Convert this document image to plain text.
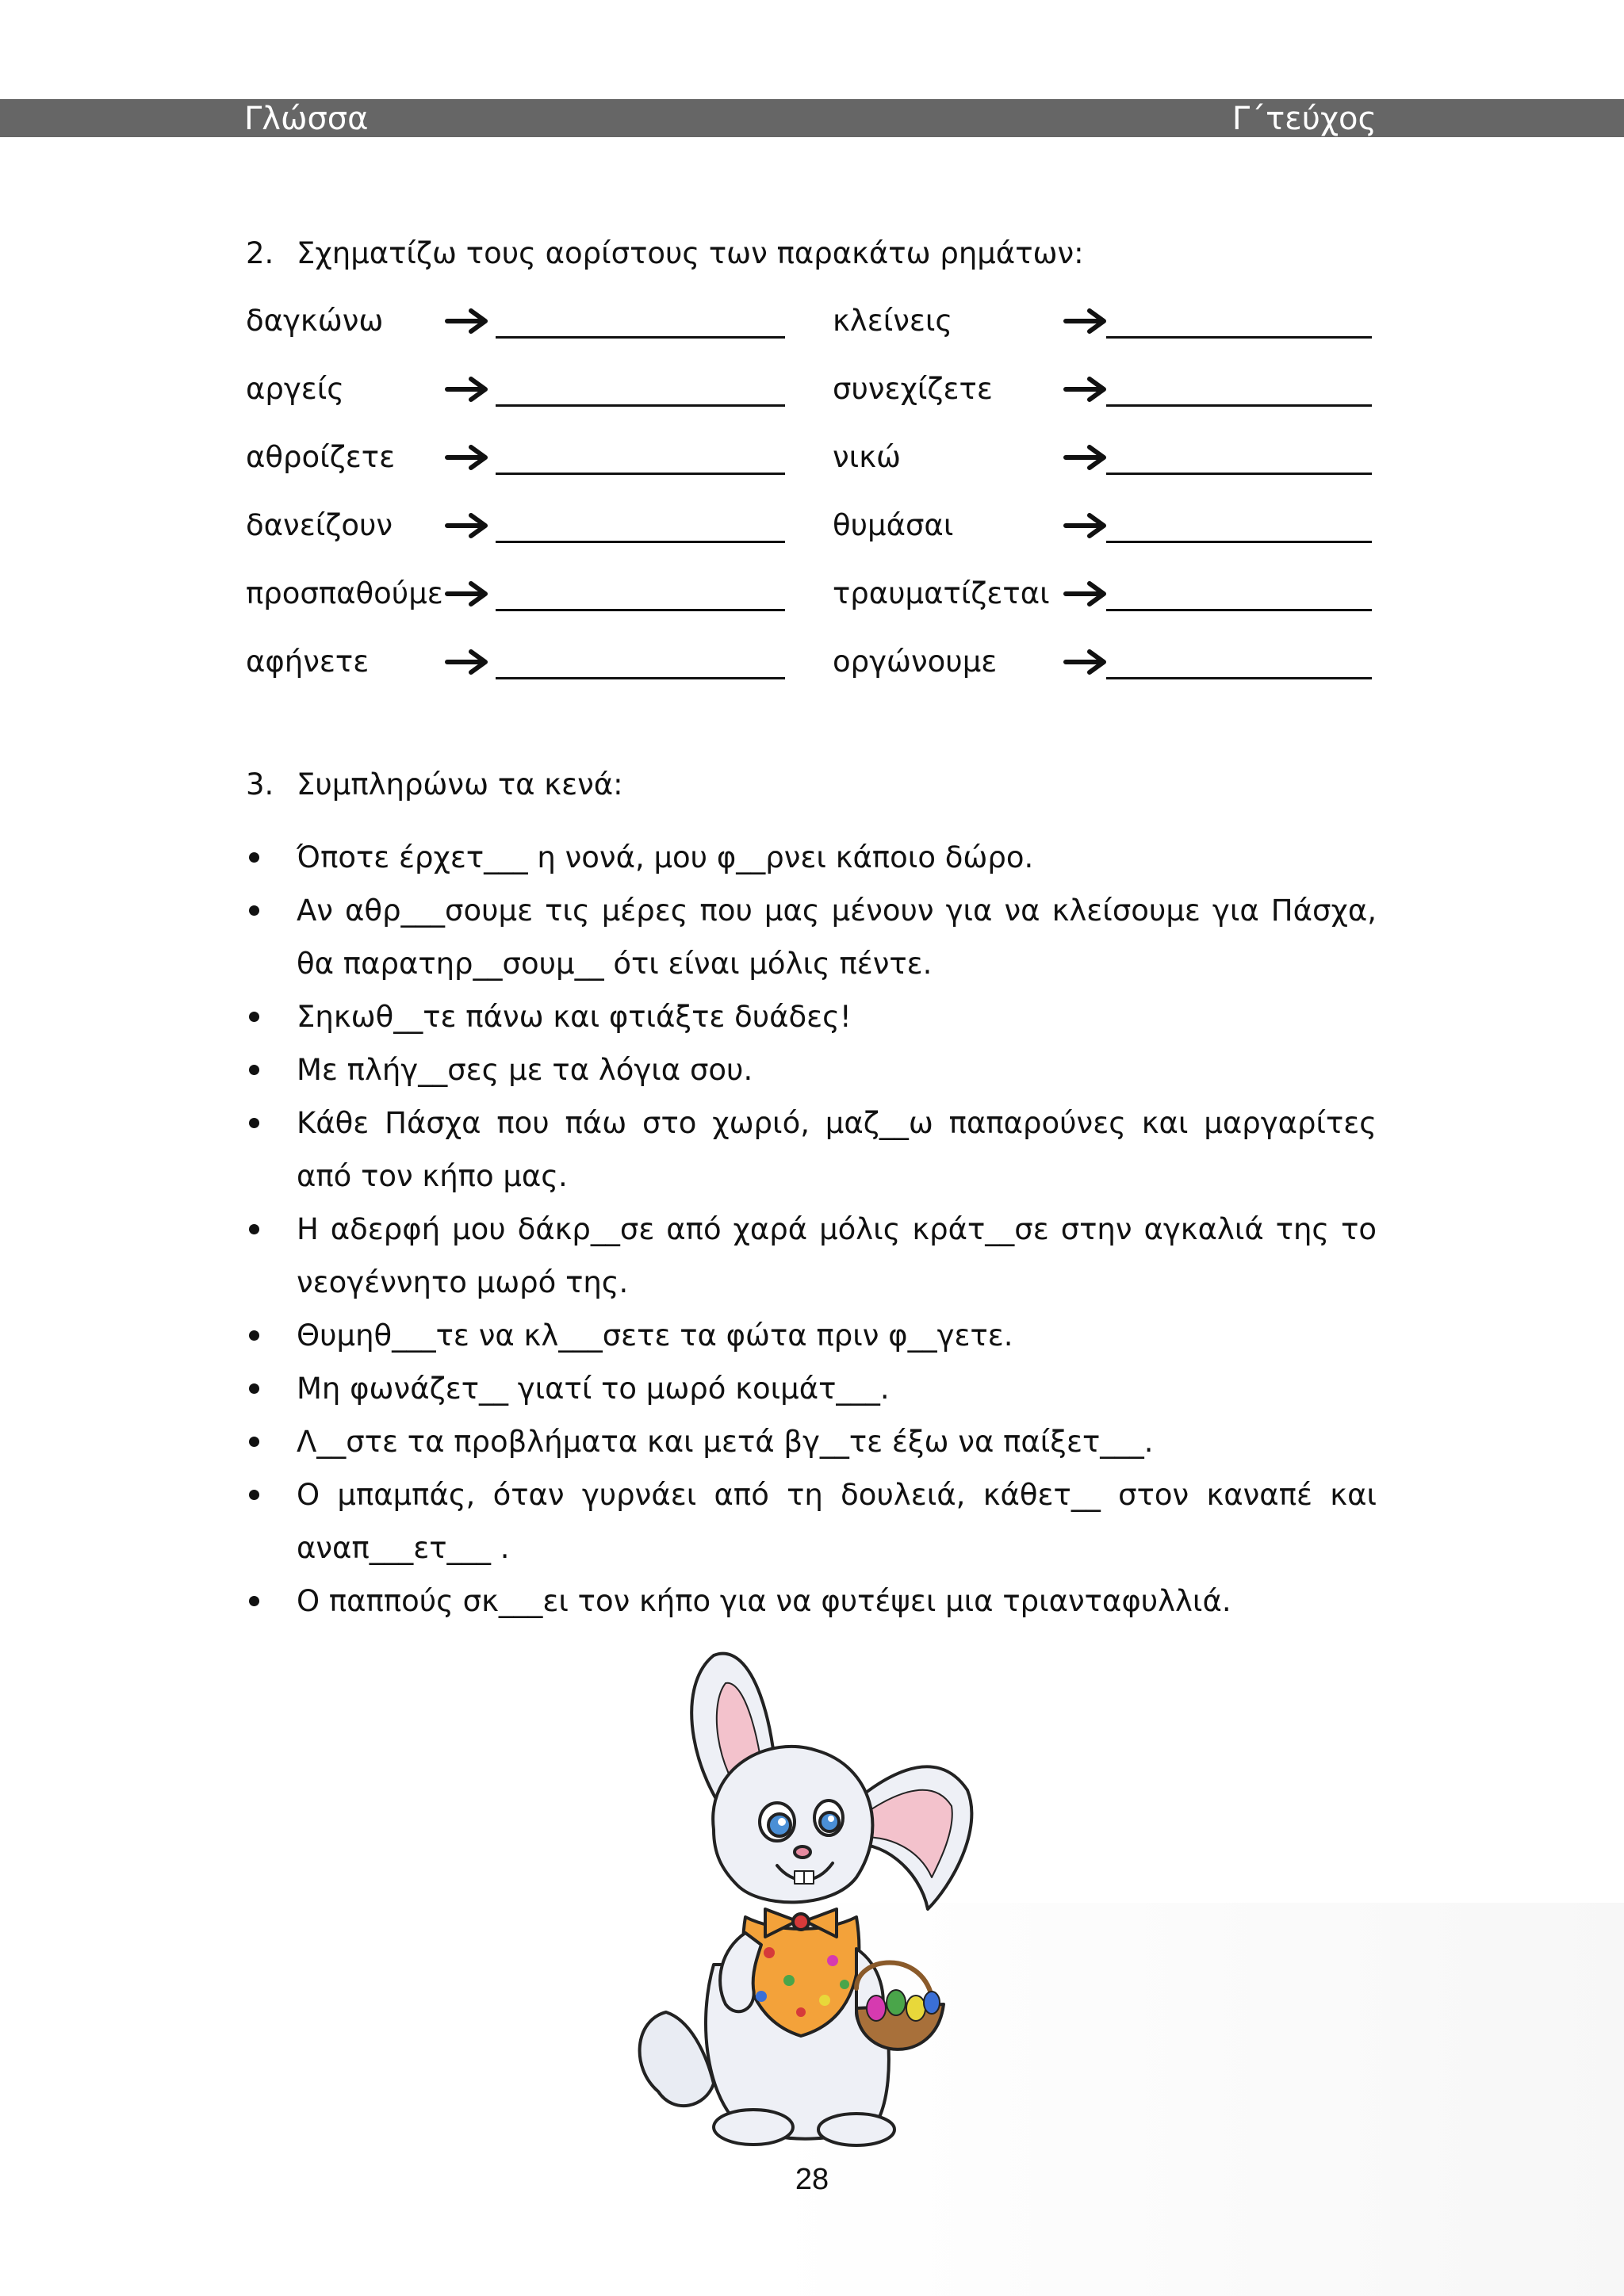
Γλώσσα	Γ΄τεύχος
2. Σχηματίζω τους αορίστους των παρακάτω ρημάτων:
δαγκώνω
αργείς
αθροίζετε
δανείζουν
προσπαθούμε
αφήνετε
κλείνεις
συνεχίζετε
νικώ
θυμάσαι
τραυματίζεται
οργώνουμε
3. Συμπληρώνω τα κενά:
Όποτε έρχετ___ η νονά, μου φ__ρνει κάποιο δώρο.
Αν αθρ___σουμε τις μέρες που μας μένουν για να κλείσουμε για Πάσχα,
θα παρατηρ__σουμ__ ότι είναι μόλις πέντε.
Σηκωθ__τε πάνω και φτιάξτε δυάδες!
Με πλήγ__σες με τα λόγια σου.
Κάθε Πάσχα που πάω στο χωριό, μαζ__ω παπαρούνες και μαργαρίτες
από τον κήπο μας.
Η αδερφή μου δάκρ__σε από χαρά μόλις κράτ__σε στην αγκαλιά της το
νεογέννητο μωρό της.
Θυμηθ___τε να κλ___σετε τα φώτα πριν φ__γετε.
Μη φωνάζετ__ γιατί το μωρό κοιμάτ___.
Λ__στε τα προβλήματα και μετά βγ__τε έξω να παίξετ___.
Ο μπαμπάς, όταν γυρνάει από τη δουλειά, κάθετ__ στον καναπέ και
αναπ___ετ___ .
Ο παππούς σκ___ει τον κήπο για να φυτέψει μια τριανταφυλλιά.
28
